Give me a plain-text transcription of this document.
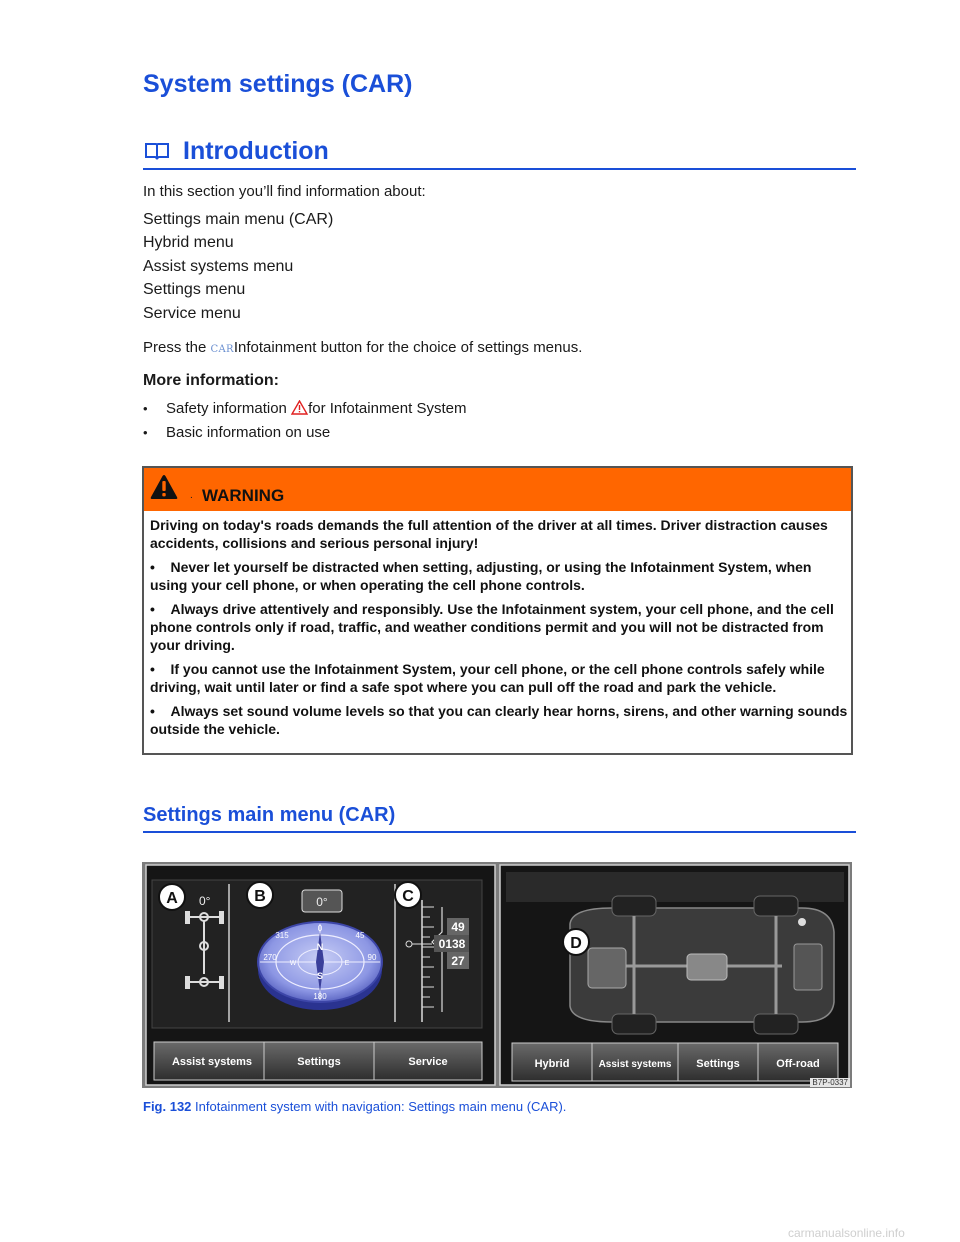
System settings (CAR)
Introduction

In this section you’ll find information about:

Settings main menu (CAR)
Hybrid menu
Assist systems menu
Settings menu
Service menu

Press the CARInfotainment button for the choice of settings menus.

More information:
• Safety information for Infotainment System
• Basic information on use
. WARNING

Driving on today's roads demands the full attention of the driver at all times. Driver distraction causes accidents, collisions and serious personal injury!

•    Never let yourself be distracted when setting, adjusting, or using the Infotainment System, when using your cell phone, or when operating the cell phone controls.

•    Always drive attentively and responsibly. Use the Infotainment system, your cell phone, and the cell phone controls only if road, traffic, and weather conditions permit and you will not be distracted from your driving.

•    If you cannot use the Infotainment System, your cell phone, or the cell phone controls safely while driving, wait until later or find a safe spot where you can pull off the road and park the vehicle.

•    Always set sound volume levels so that you can clearly hear horns, sirens, and other warning sounds outside the vehicle.

Settings main menu (CAR)
0°	0°
N
S
E
W
0
45
315
270	90
180
49
0138
27
Assist systems	Settings	Service	Hybrid	Assist systems Settings	Off-road
A	B	C
D
B7P-0337

Fig. 132 Infotainment system with navigation: Settings main menu (CAR).

carmanualsonline.info
